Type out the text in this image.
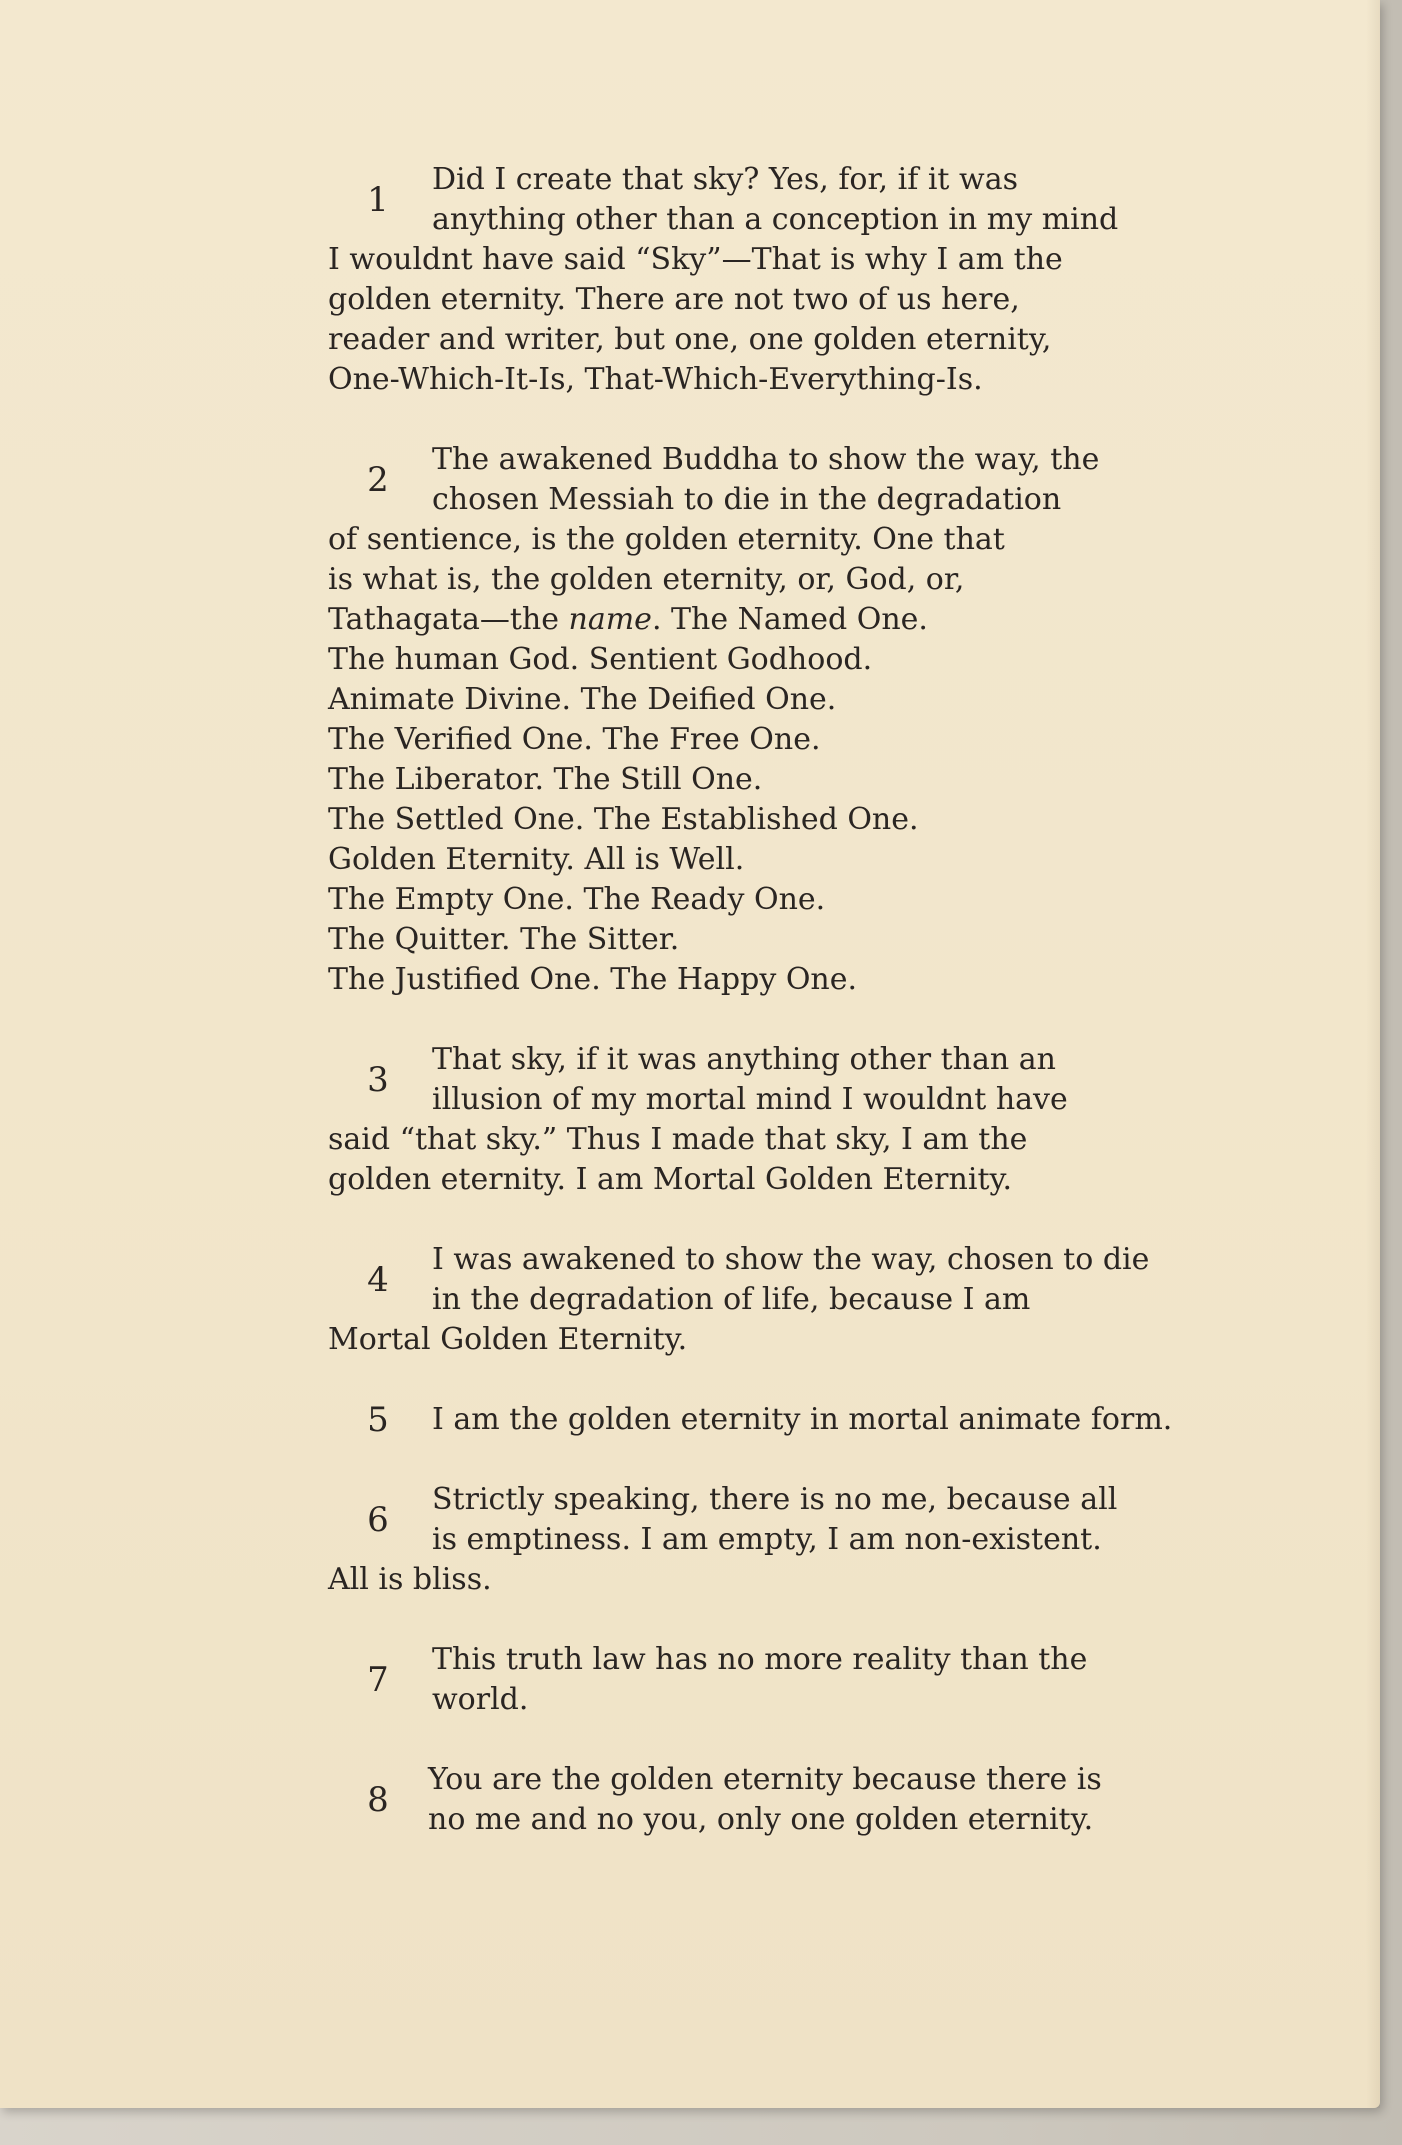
1
Did I create that sky? Yes, for, if it was
anything other than a conception in my mind
I wouldnt have said “Sky”—That is why I am the
golden eternity. There are not two of us here,
reader and writer, but one, one golden eternity,
One-Which-It-Is, That-Which-Everything-Is.
2
The awakened Buddha to show the way, the
chosen Messiah to die in the degradation
of sentience, is the golden eternity. One that
is what is, the golden eternity, or, God, or,
Tathagata—the name. The Named One.
The human God. Sentient Godhood.
Animate Divine. The Deified One.
The Verified One. The Free One.
The Liberator. The Still One.
The Settled One. The Established One.
Golden Eternity. All is Well.
The Empty One. The Ready One.
The Quitter. The Sitter.
The Justified One. The Happy One.
3
That sky, if it was anything other than an
illusion of my mortal mind I wouldnt have
said “that sky.” Thus I made that sky, I am the
golden eternity. I am Mortal Golden Eternity.
4
I was awakened to show the way, chosen to die
in the degradation of life, because I am
Mortal Golden Eternity.
5	I am the golden eternity in mortal animate form.
6
Strictly speaking, there is no me, because all
is emptiness. I am empty, I am non-existent.
All is bliss.
7
This truth law has no more reality than the
world.
8
You are the golden eternity because there is
no me and no you, only one golden eternity.
